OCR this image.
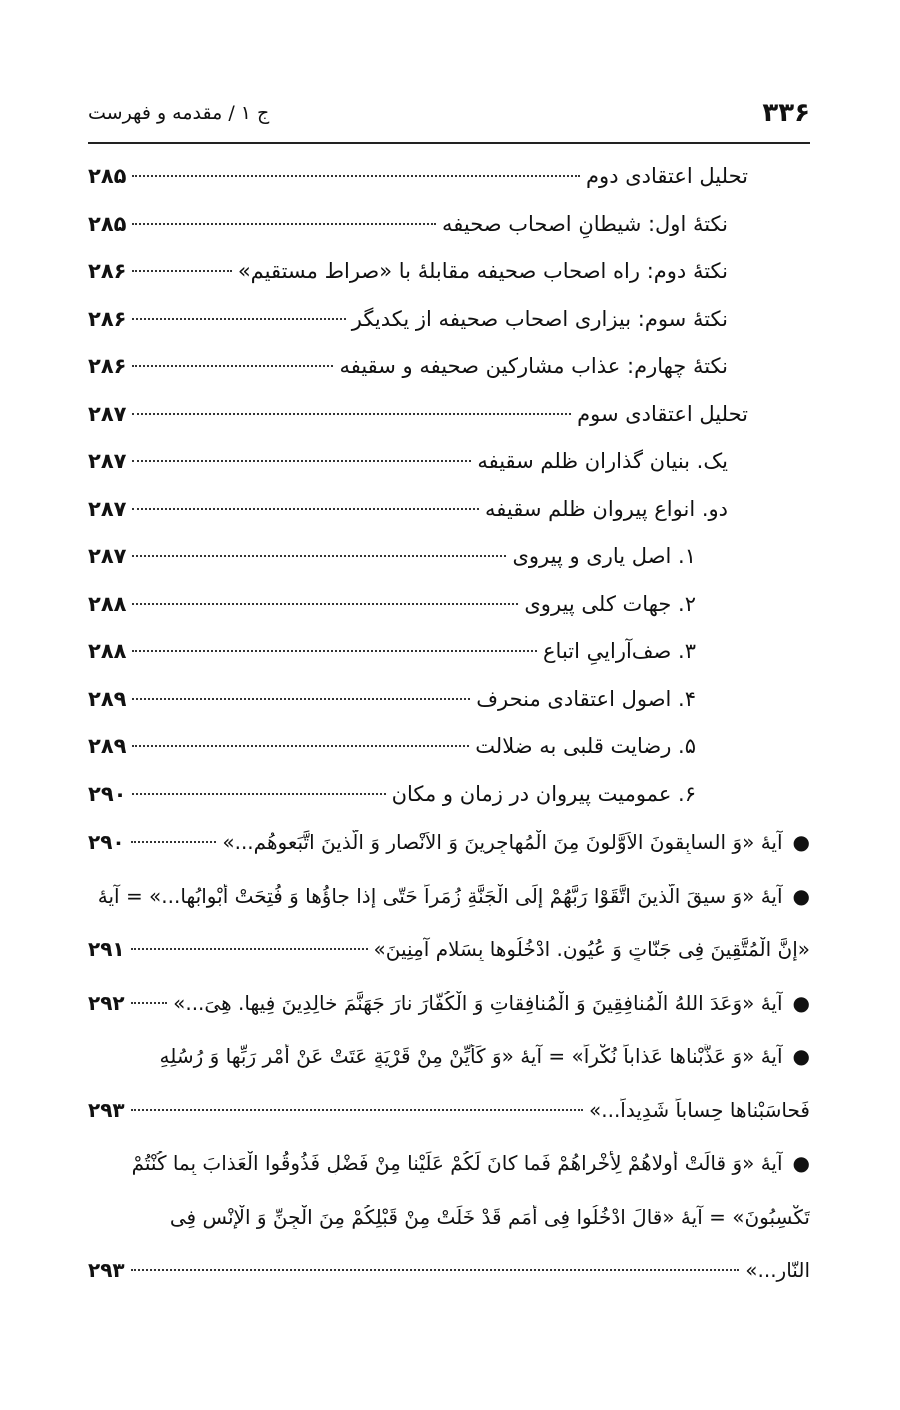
۳۳۶
ج ۱ / مقدمه و فهرست
تحلیل اعتقادی دوم
۲۸۵
نکتهٔ اول: شیطانِ اصحاب صحیفه
۲۸۵
نکتهٔ دوم: راه اصحاب صحیفه مقابلهٔ با «صراط مستقیم»
۲۸۶
نکتهٔ سوم: بیزاری اصحاب صحیفه از یکدیگر
۲۸۶
نکتهٔ چهارم: عذاب مشارکین صحیفه و سقیفه
۲۸۶
تحلیل اعتقادی سوم
۲۸۷
یک. بنیان گذاران ظلم سقیفه
۲۸۷
دو. انواع پیروان ظلم سقیفه
۲۸۷
۱. اصل یاری و پیروی
۲۸۷
۲. جهات کلی پیروی
۲۸۸
۳. صف‌آراییِ اتباع
۲۸۸
۴. اصول اعتقادی منحرف
۲۸۹
۵. رضایت قلبی به ضلالت
۲۸۹
۶. عمومیت پیروان در زمان و مکان
۲۹۰
●
آیهٔ «وَ السابِقونَ الاَوَّلونَ مِنَ الْمُهاجِرینَ وَ الاَنْصارِ وَ الَّذینَ اتَّبَعوهُم...»
۲۹۰
●
آیهٔ «وَ سیقَ الَّذینَ اتَّقَوْا رَبَّهُمْ إِلَی الْجَنَّةِ زُمَراً حَتّی إِذا جاؤُها وَ فُتِحَتْ أَبْوابُها...» = آیهٔ
«إِنَّ الْمُتَّقِینَ فِی جَنّاتٍ وَ عُیُونٍ. ادْخُلُوها بِسَلامٍ آمِنِینَ»
۲۹۱
●
آیهٔ «وَعَدَ اللهُ الْمُنافِقِینَ وَ الْمُنافِقاتِ وَ الْکُفّارَ نارَ جَهَنَّمَ خالِدِینَ فِیها. هِیَ...»
۲۹۲
●
آیهٔ «وَ عَذَّبْناها عَذاباً نُکْراً» = آیهٔ «وَ کَأَیِّنْ مِنْ قَرْیَةٍ عَتَتْ عَنْ أَمْرِ رَبِّها وَ رُسُلِهِ
فَحاسَبْناها حِساباً شَدِیداً...»
۲۹۳
●
آیهٔ «وَ قالَتْ أُولاهُمْ لِأُخْراهُمْ فَما کانَ لَکُمْ عَلَیْنا مِنْ فَضْلٍ فَذُوقُوا الْعَذابَ بِما کُنْتُمْ
تَکْسِبُونَ» = آیهٔ «قالَ ادْخُلُوا فِی أُمَمٍ قَدْ خَلَتْ مِنْ قَبْلِکُمْ مِنَ الْجِنِّ وَ الْإِنْسِ فِی
النّارِ...»
۲۹۳
